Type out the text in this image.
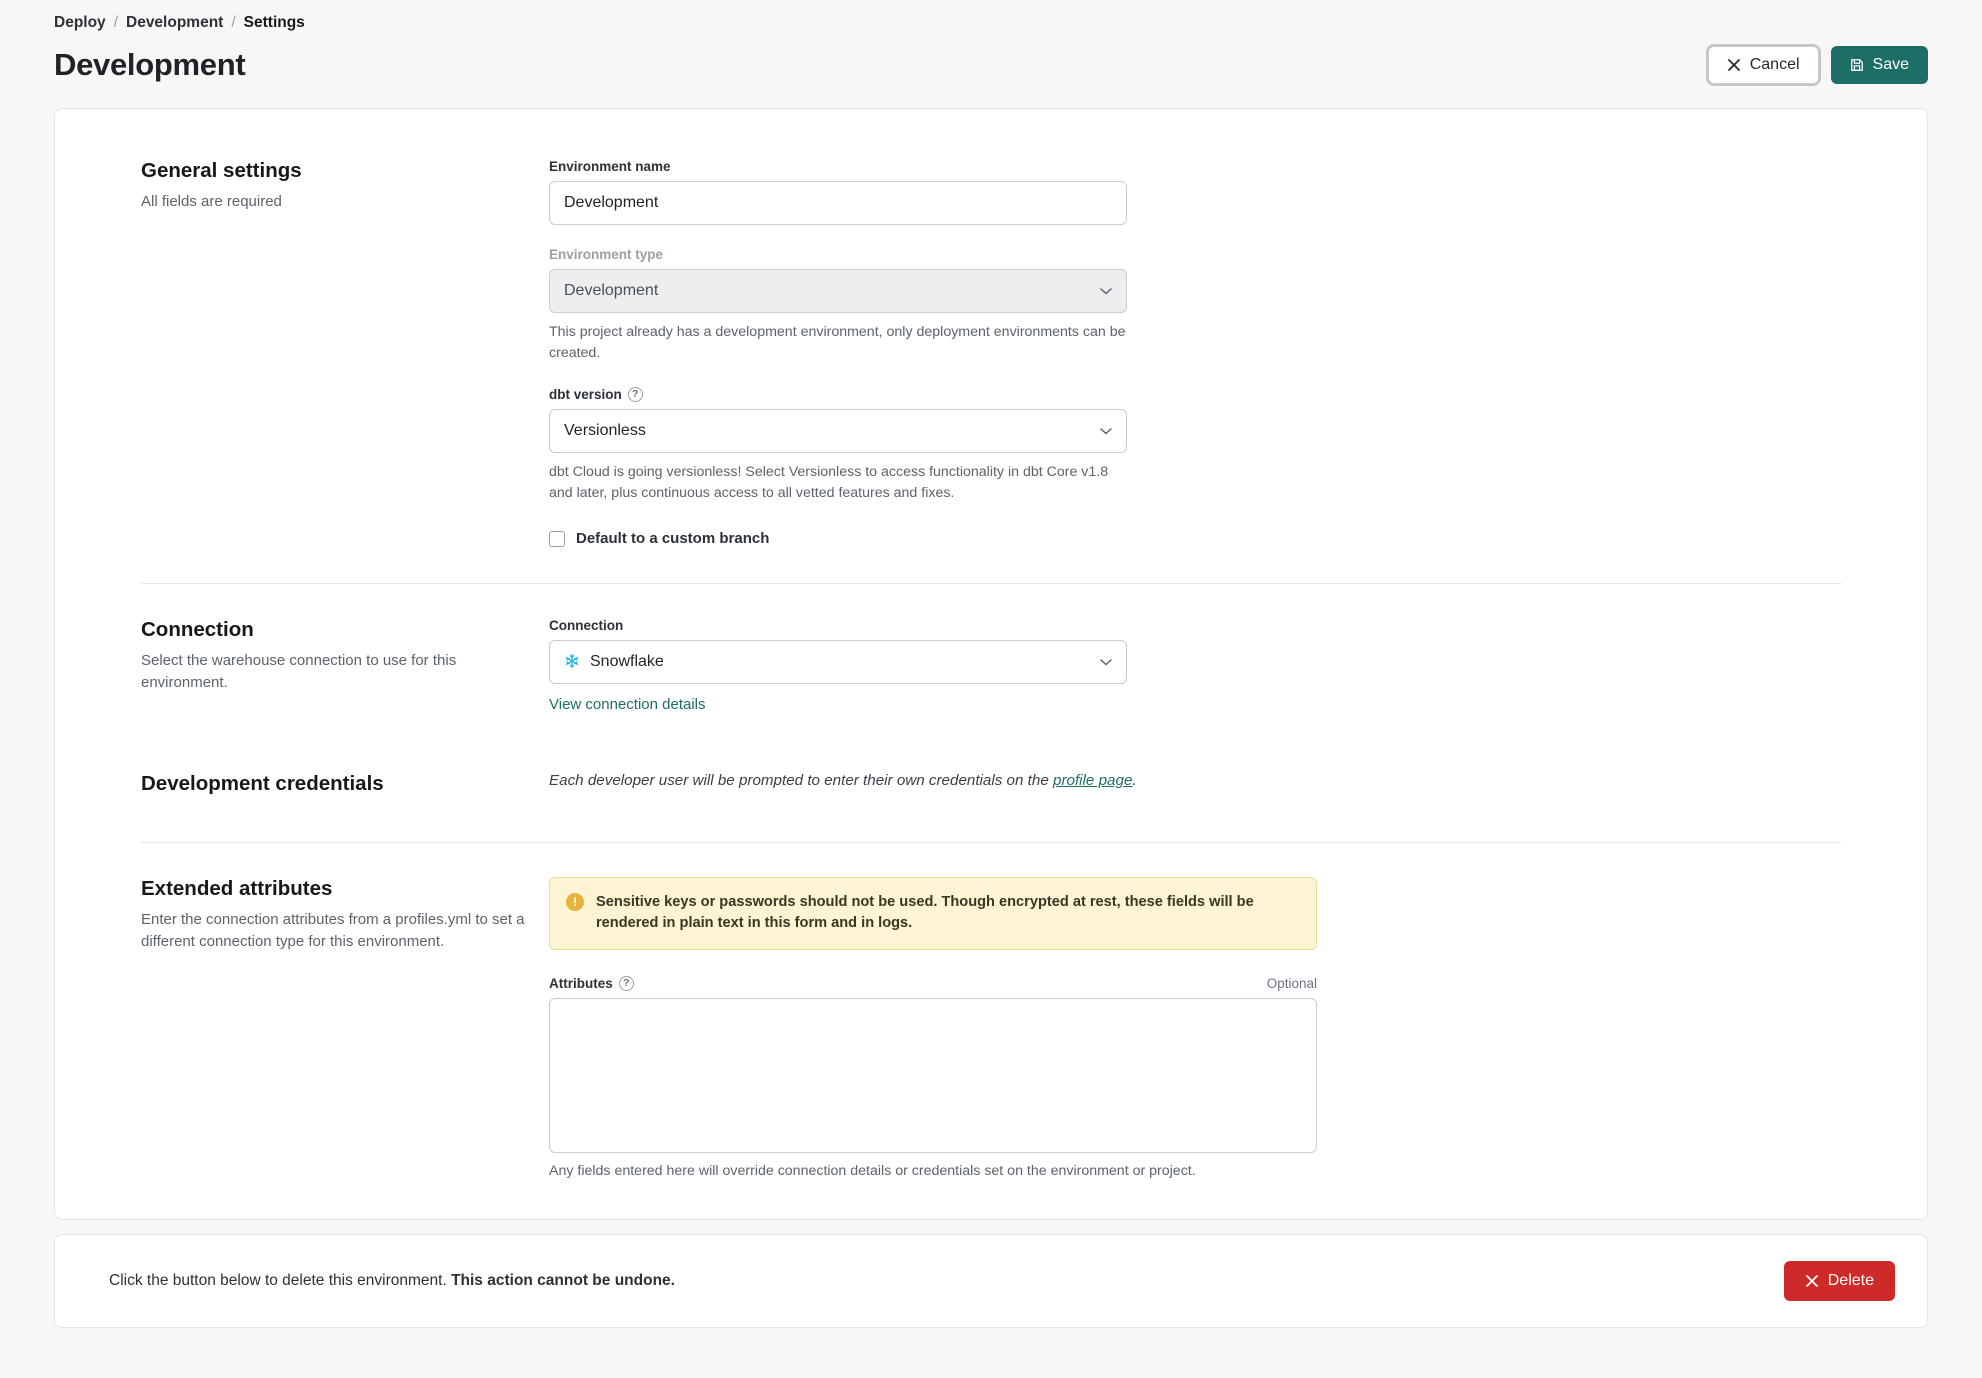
Deploy / Development / Settings
Development	Cancel	Save
General settings

All fields are required

Environment name
Development
Environment type
Development
This project already has a development environment, only deployment environments can be created.
dbt version ?
Versionless
dbt Cloud is going versionless! Select Versionless to access functionality in dbt Core v1.8 and later, plus continuous access to all vetted features and fixes.
Default to a custom branch
Connection

Select the warehouse connection to use for this environment.

Connection
Snowflake
View connection details
Development credentials	Each developer user will be prompted to enter their own credentials on the profile page.
Extended attributes

Enter the connection attributes from a profiles.yml to set a different connection type for this environment.

!	Sensitive keys or passwords should not be used. Though encrypted at rest, these fields will be rendered in plain text in this form and in logs.
Attributes ?	Optional
Any fields entered here will override connection details or credentials set on the environment or project.
Click the button below to delete this environment. This action cannot be undone.	Delete
